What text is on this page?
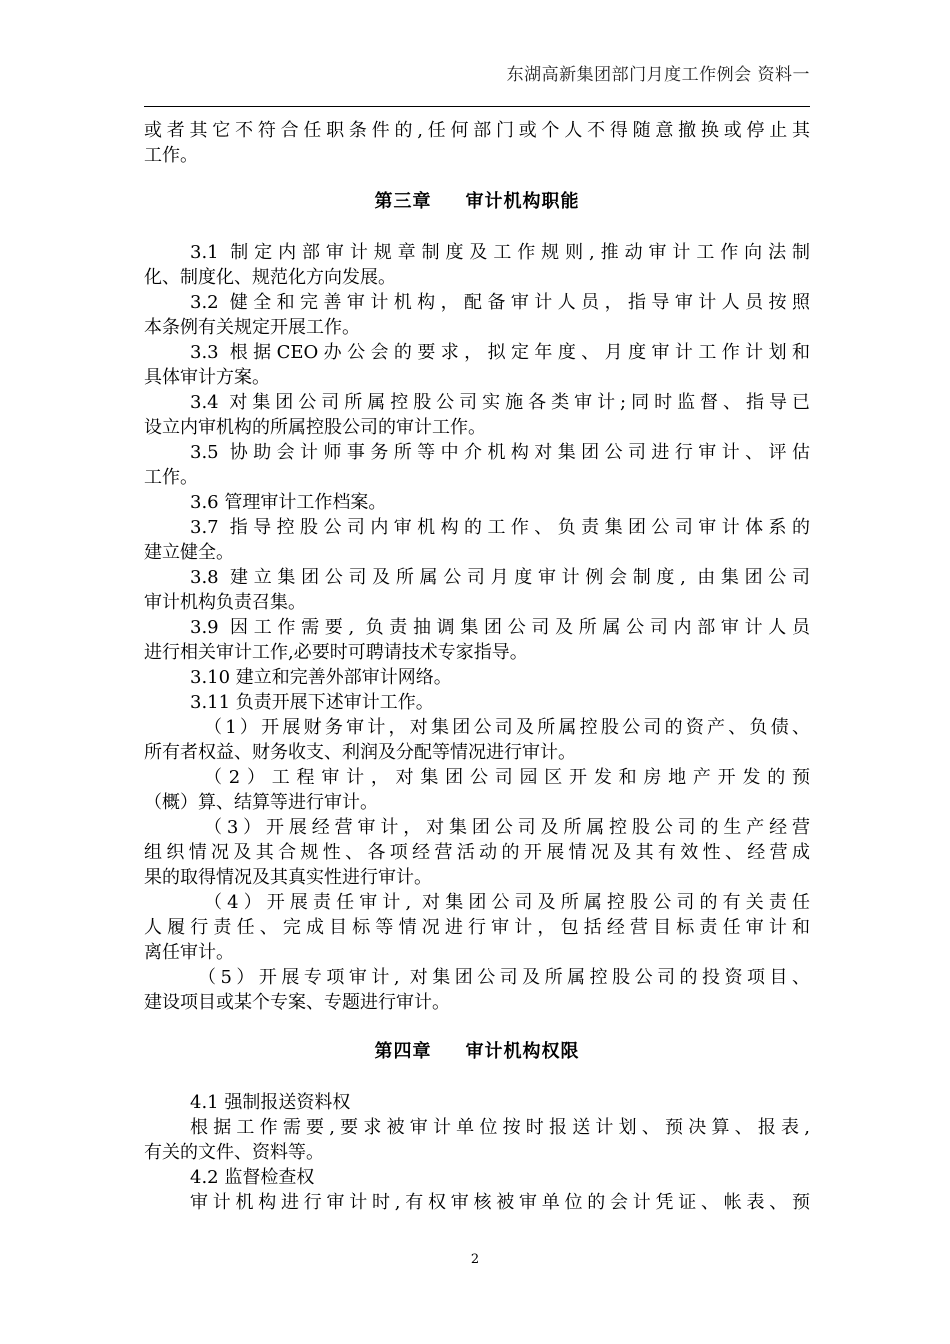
东湖高新集团部门月度工作例会 资料一
或者其它不符合任职条件的,任何部门或个人不得随意撤换或停止其
工作。
第三章 审计机构职能
3.1 制定内部审计规章制度及工作规则,推动审计工作向法制
化、制度化、规范化方向发展。
3.2 健全和完善审计机构，配备审计人员，指导审计人员按照
本条例有关规定开展工作。
3.3 根据CEO办公会的要求，拟定年度、月度审计工作计划和
具体审计方案。
3.4 对集团公司所属控股公司实施各类审计;同时监督、指导已
设立内审机构的所属控股公司的审计工作。
3.5 协助会计师事务所等中介机构对集团公司进行审计、评估
工作。
3.6 管理审计工作档案。
3.7 指导控股公司内审机构的工作、负责集团公司审计体系的
建立健全。
3.8 建立集团公司及所属公司月度审计例会制度, 由集团公司
审计机构负责召集。
3.9 因工作需要, 负责抽调集团公司及所属公司内部审计人员
进行相关审计工作,必要时可聘请技术专家指导。
3.10 建立和完善外部审计网络。
3.11 负责开展下述审计工作。
（1）开展财务审计，对集团公司及所属控股公司的资产、负债、
所有者权益、财务收支、利润及分配等情况进行审计。
（2）工程审计，对集团公司园区开发和房地产开发的预
（概）算、结算等进行审计。
（3）开展经营审计，对集团公司及所属控股公司的生产经营
组织情况及其合规性、各项经营活动的开展情况及其有效性、经营成
果的取得情况及其真实性进行审计。
（4）开展责任审计, 对集团公司及所属控股公司的有关责任
人履行责任、完成目标等情况进行审计，包括经营目标责任审计和
离任审计。
（5）开展专项审计, 对集团公司及所属控股公司的投资项目、
建设项目或某个专案、专题进行审计。
第四章 审计机构权限
4.1 强制报送资料权
根据工作需要,要求被审计单位按时报送计划、预决算、报表,
有关的文件、资料等。
4.2 监督检查权
审计机构进行审计时,有权审核被审单位的会计凭证、帐表、预
2
